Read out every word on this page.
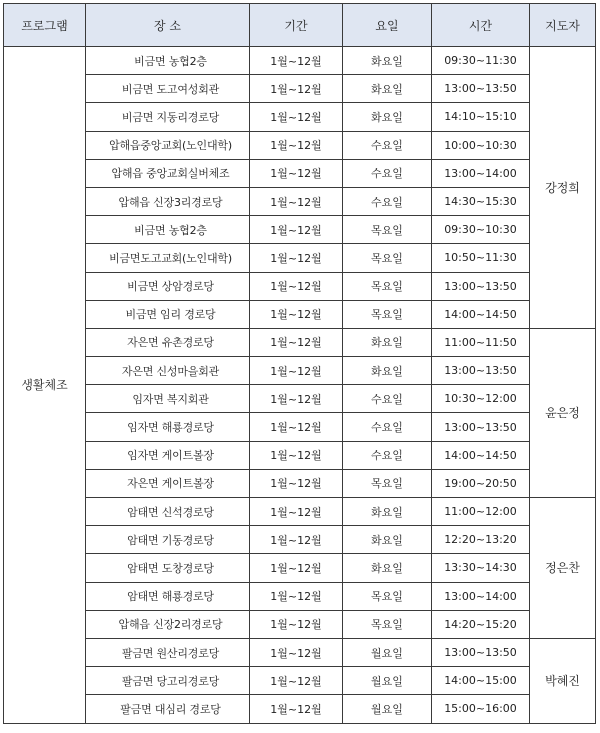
프로그램	장 소	기간	요일	시간	지도자
생활체조	비금면 농협2층	1월~12월	화요일	09:30~11:30	강정희
	비금면 도고여성회관	1월~12월	화요일	13:00~13:50	
	비금면 지동리경로당	1월~12월	화요일	14:10~15:10	
	압해읍중앙교회(노인대학)	1월~12월	수요일	10:00~10:30	
	압해읍 중앙교회실버체조	1월~12월	수요일	13:00~14:00	
	압해읍 신장3리경로당	1월~12월	수요일	14:30~15:30	
	비금면 농협2층	1월~12월	목요일	09:30~10:30	
	비금면도고교회(노인대학)	1월~12월	목요일	10:50~11:30	
	비금면 상암경로당	1월~12월	목요일	13:00~13:50	
	비금면 임리 경로당	1월~12월	목요일	14:00~14:50	
	자은면 유촌경로당	1월~12월	화요일	11:00~11:50	윤은정
	자은면 신성마을회관	1월~12월	화요일	13:00~13:50	
	임자면 복지회관	1월~12월	수요일	10:30~12:00	
	임자면 해룡경로당	1월~12월	수요일	13:00~13:50	
	임자면 게이트볼장	1월~12월	수요일	14:00~14:50	
	자은면 게이트볼장	1월~12월	목요일	19:00~20:50	
	암태면 신석경로당	1월~12월	화요일	11:00~12:00	정은찬
	암태면 기동경로당	1월~12월	화요일	12:20~13:20	
	암태면 도창경로당	1월~12월	화요일	13:30~14:30	
	암태면 해룡경로당	1월~12월	목요일	13:00~14:00	
	압해읍 신장2리경로당	1월~12월	목요일	14:20~15:20	
	팔금면 원산리경로당	1월~12월	월요일	13:00~13:50	박혜진
	팔금면 당고리경로당	1월~12월	월요일	14:00~15:00	
	팔금면 대심리 경로당	1월~12월	월요일	15:00~16:00	
